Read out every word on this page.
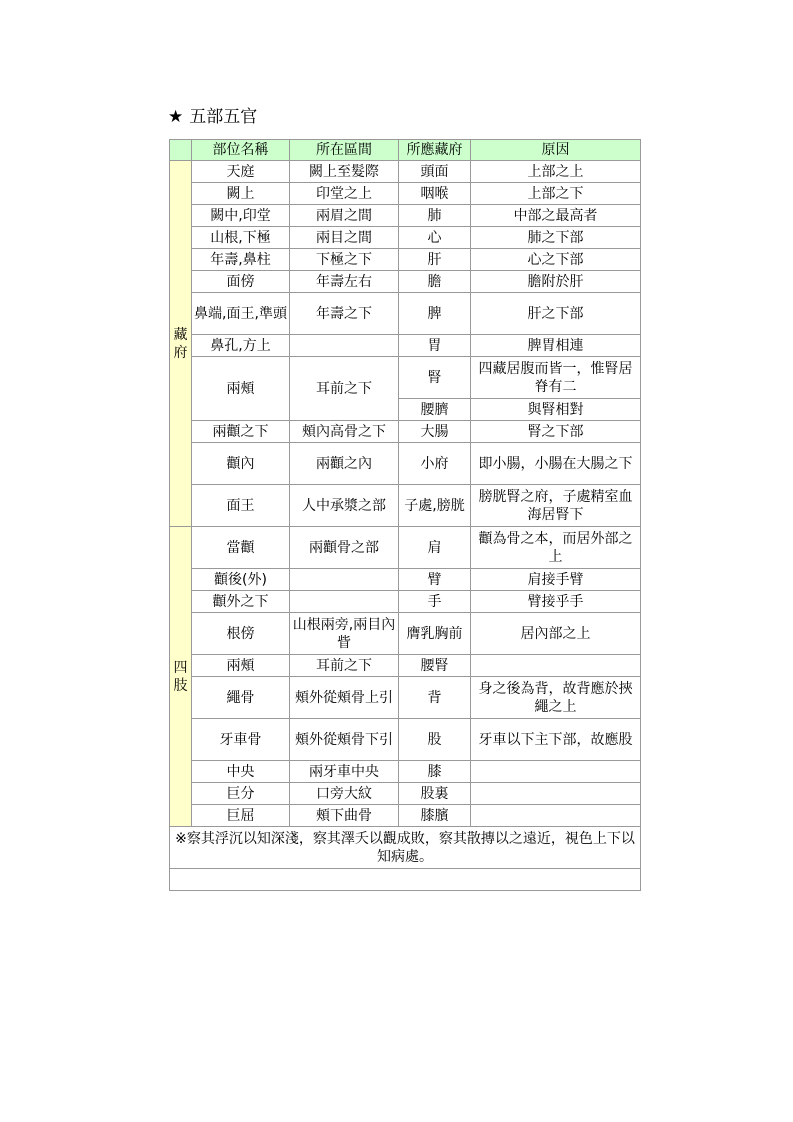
★ 五部五官
	部位名稱	所在區間	所應藏府	原因
藏府	天庭	闕上至髮際	頭面	上部之上
	闕上	印堂之上	咽喉	上部之下
	闕中,印堂	兩眉之間	肺	中部之最高者
	山根,下極	兩目之間	心	肺之下部
	年壽,鼻柱	下極之下	肝	心之下部
	面傍	年壽左右	膽	膽附於肝
	鼻端,面王,準頭	年壽之下	脾	肝之下部
	鼻孔,方上		胃	脾胃相連
	兩頰	耳前之下	腎	四藏居腹而皆一，惟腎居脊有二
			腰臍	與腎相對
	兩顴之下	頰內高骨之下	大腸	腎之下部
	顴內	兩顴之內	小府	即小腸，小腸在大腸之下
	面王	人中承漿之部	子處,膀胱	膀胱腎之府，子處精室血海居腎下
四肢	當顴	兩顴骨之部	肩	顴為骨之本，而居外部之上
	顴後(外)		臂	肩接手臂
	顴外之下		手	臂接乎手
	根傍	山根兩旁,兩目內眥	膺乳胸前	居內部之上
	兩頰	耳前之下	腰腎	
	繩骨	頰外從頰骨上引	背	身之後為背，故背應於挾繩之上
	牙車骨	頰外從頰骨下引	股	牙車以下主下部，故應股
	中央	兩牙車中央	膝	
	巨分	口旁大紋	股裏	
	巨屈	頰下曲骨	膝臏	
※察其浮沉以知深淺，察其澤夭以觀成敗，察其散摶以之遠近，視色上下以知病處。				
